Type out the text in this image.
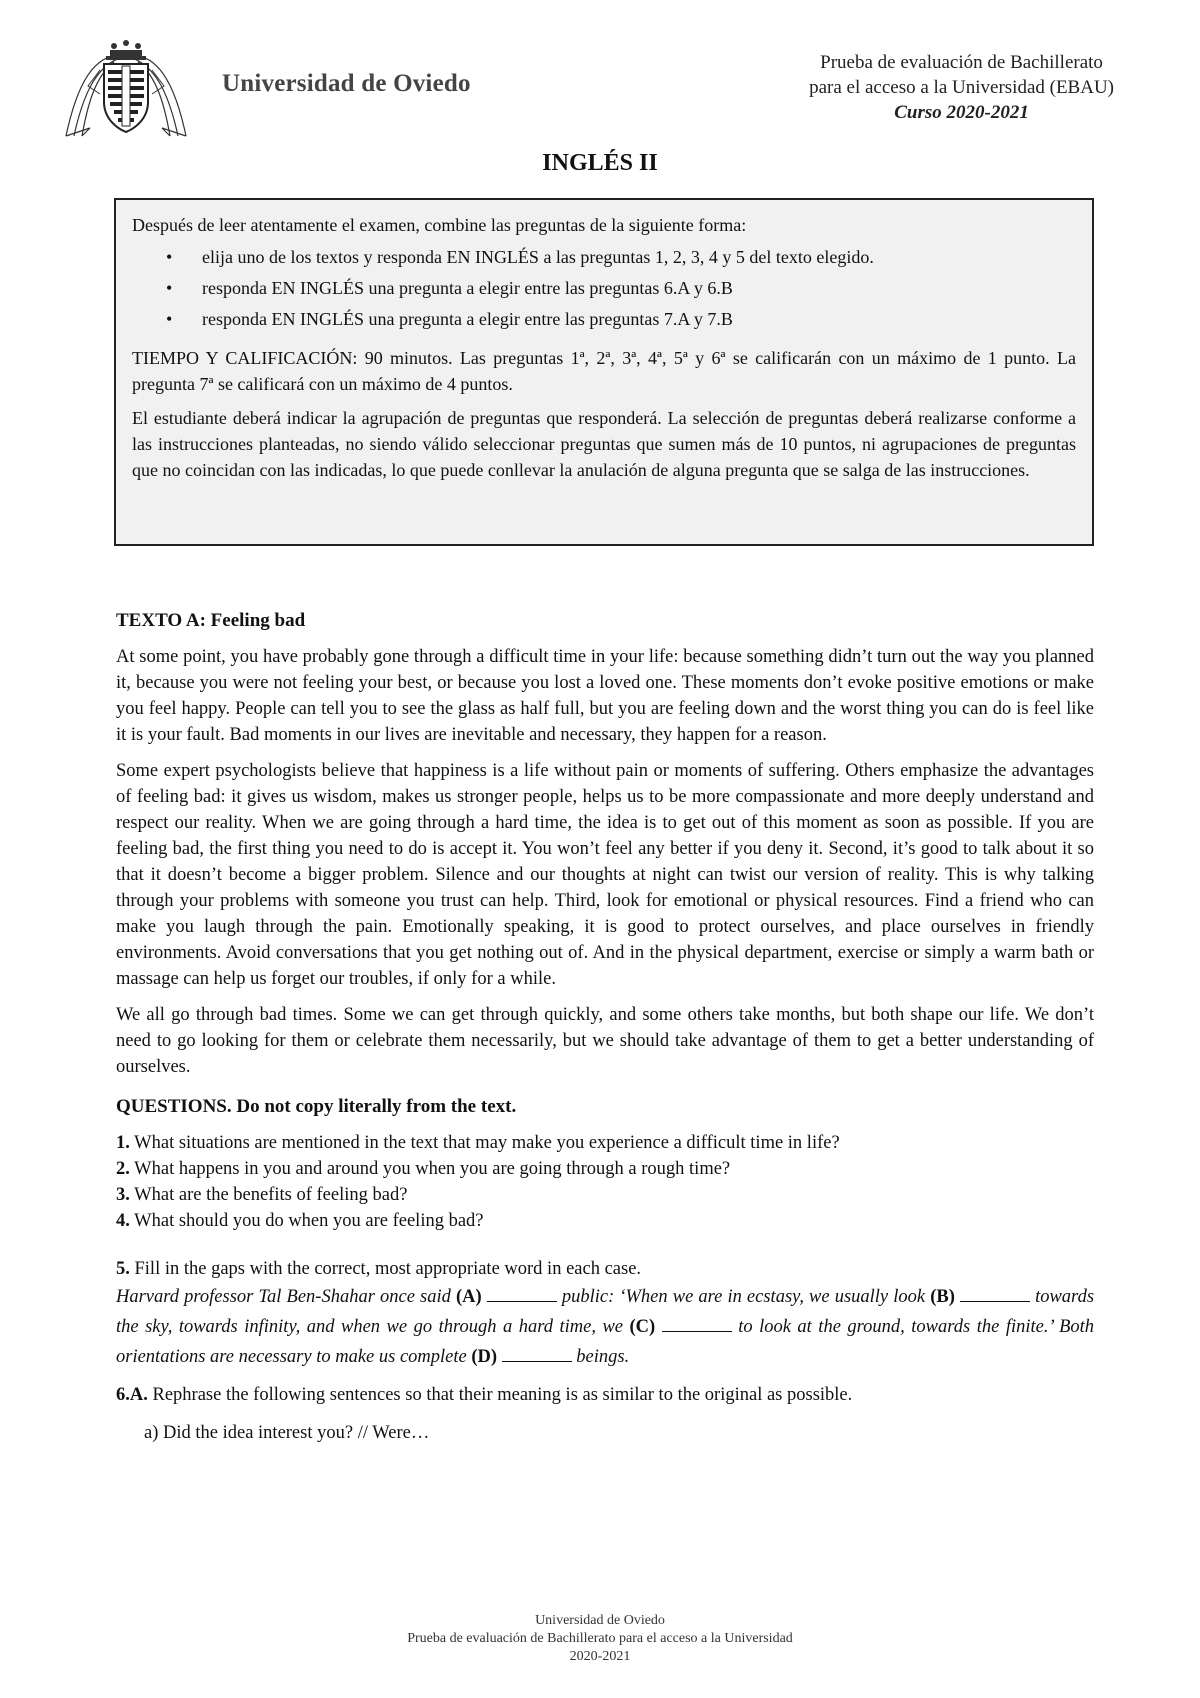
Universidad de Oviedo
Prueba de evaluación de Bachillerato
para el acceso a la Universidad (EBAU)
Curso 2020-2021
INGLÉS II

Después de leer atentamente el examen, combine las preguntas de la siguiente forma:

• elija uno de los textos y responda EN INGLÉS a las preguntas 1, 2, 3, 4 y 5 del texto elegido.
• responda EN INGLÉS una pregunta a elegir entre las preguntas 6.A y 6.B
• responda EN INGLÉS una pregunta a elegir entre las preguntas 7.A y 7.B

TIEMPO Y CALIFICACIÓN: 90 minutos. Las preguntas 1ª, 2ª, 3ª, 4ª, 5ª y 6ª se calificarán con un máximo de 1 punto. La pregunta 7ª se calificará con un máximo de 4 puntos.

El estudiante deberá indicar la agrupación de preguntas que responderá. La selección de preguntas deberá realizarse conforme a las instrucciones planteadas, no siendo válido seleccionar preguntas que sumen más de 10 puntos, ni agrupaciones de preguntas que no coincidan con las indicadas, lo que puede conllevar la anulación de alguna pregunta que se salga de las instrucciones.

TEXTO A: Feeling bad

At some point, you have probably gone through a difficult time in your life: because something didn’t turn out the way you planned it, because you were not feeling your best, or because you lost a loved one. These moments don’t evoke positive emotions or make you feel happy. People can tell you to see the glass as half full, but you are feeling down and the worst thing you can do is feel like it is your fault. Bad moments in our lives are inevitable and necessary, they happen for a reason.

Some expert psychologists believe that happiness is a life without pain or moments of suffering. Others emphasize the advantages of feeling bad: it gives us wisdom, makes us stronger people, helps us to be more compassionate and more deeply understand and respect our reality. When we are going through a hard time, the idea is to get out of this moment as soon as possible. If you are feeling bad, the first thing you need to do is accept it. You won’t feel any better if you deny it. Second, it’s good to talk about it so that it doesn’t become a bigger problem. Silence and our thoughts at night can twist our version of reality. This is why talking through your problems with someone you trust can help. Third, look for emotional or physical resources. Find a friend who can make you laugh through the pain. Emotionally speaking, it is good to protect ourselves, and place ourselves in friendly environments. Avoid conversations that you get nothing out of. And in the physical department, exercise or simply a warm bath or massage can help us forget our troubles, if only for a while.

We all go through bad times. Some we can get through quickly, and some others take months, but both shape our life. We don’t need to go looking for them or celebrate them necessarily, but we should take advantage of them to get a better understanding of ourselves.

QUESTIONS. Do not copy literally from the text.

1. What situations are mentioned in the text that may make you experience a difficult time in life?

2. What happens in you and around you when you are going through a rough time?

3. What are the benefits of feeling bad?

4. What should you do when you are feeling bad?

5. Fill in the gaps with the correct, most appropriate word in each case.

Harvard professor Tal Ben-Shahar once said (A)	public: ‘When we are in ecstasy, we usually look (B)	towards the sky, towards infinity, and when we go through a hard time, we (C)	to look at the ground, towards the finite.’ Both orientations are necessary to make us complete (D)	beings.

6.A. Rephrase the following sentences so that their meaning is as similar to the original as possible.

a) Did the idea interest you? // Were…

Universidad de Oviedo
Prueba de evaluación de Bachillerato para el acceso a la Universidad
2020-2021
